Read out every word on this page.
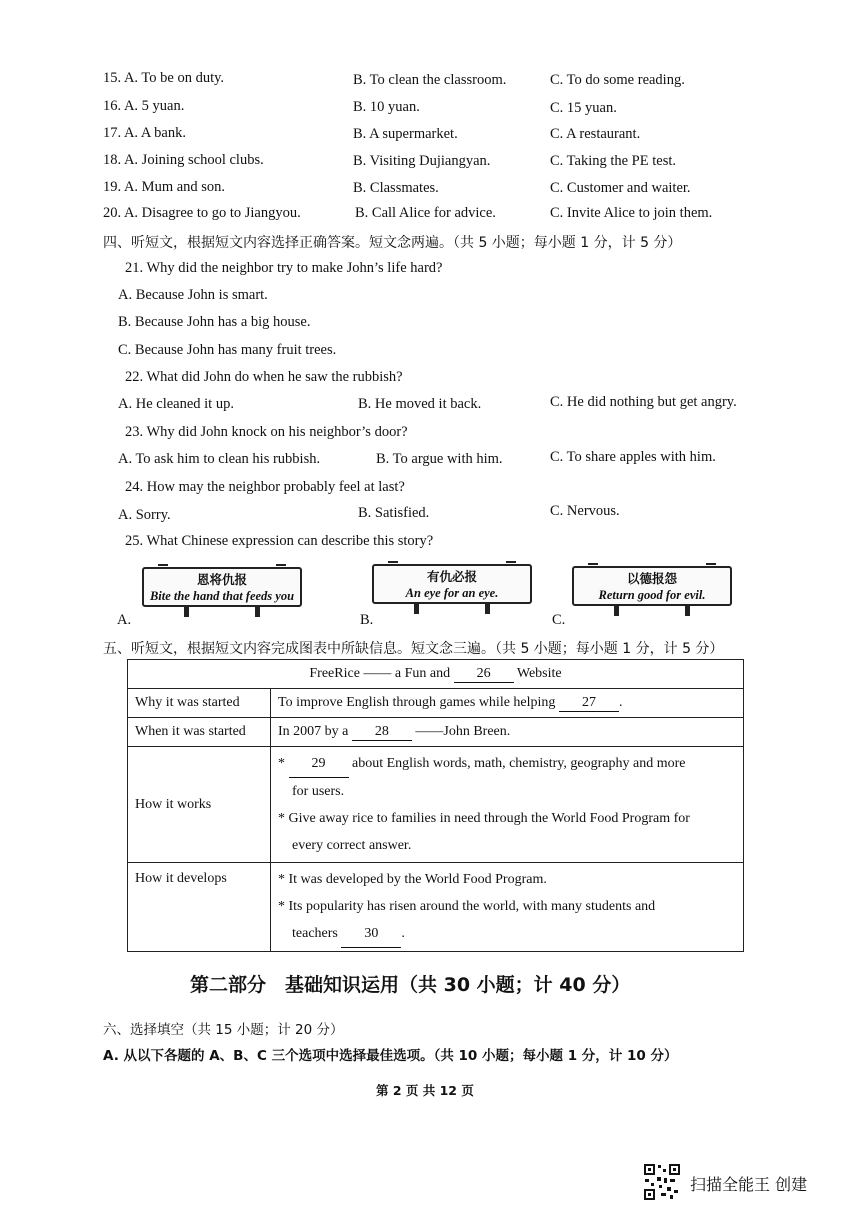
15. A. To be on duty.	B. To clean the classroom.	C. To do some reading.
16. A. 5 yuan.	B. 10 yuan.	C. 15 yuan.
17. A. A bank.	B. A supermarket.	C. A restaurant.
18. A. Joining school clubs.	B. Visiting Dujiangyan.	C. Taking the PE test.
19. A. Mum and son.	B. Classmates.	C. Customer and waiter.
20. A. Disagree to go to Jiangyou.	B. Call Alice for advice.	C. Invite Alice to join them.
四、听短文，根据短文内容选择正确答案。短文念两遍。（共 5 小题；每小题 1 分，计 5 分）
21. Why did the neighbor try to make John’s life hard?
A. Because John is smart.
B. Because John has a big house.
C. Because John has many fruit trees.
22. What did John do when he saw the rubbish?
A. He cleaned it up.	B. He moved it back.	C. He did nothing but get angry.
23. Why did John knock on his neighbor’s door?
A. To ask him to clean his rubbish.	B. To argue with him.	C. To share apples with him.
24. How may the neighbor probably feel at last?
A. Sorry.	B. Satisfied.	C. Nervous.
25. What Chinese expression can describe this story?
恩将仇报
Bite the hand that feeds you
A.
有仇必报
An eye for an eye.
B.
以德报怨
Return good for evil.
C.
五、听短文，根据短文内容完成图表中所缺信息。短文念三遍。（共 5 小题；每小题 1 分，计 5 分）
FreeRice —— a Fun and 26 Website	
Why it was started	To improve English through games while helping 27 .
When it was started	In 2007 by a 28 ——John Breen.
How it works	* 29 about English words, math, chemistry, geography and more
for users.
* Give away rice to families in need through the World Food Program for
every correct answer.

How it develops	* It was developed by the World Food Program.
* Its popularity has risen around the world, with many students and
teachers 30 .
第二部分　基础知识运用（共 30 小题；计 40 分）
六、选择填空（共 15 小题；计 20 分）
A. 从以下各题的 A、B、C 三个选项中选择最佳选项。（共 10 小题；每小题 1 分，计 10 分）
第 2 页 共 12 页
扫描全能王 创建
